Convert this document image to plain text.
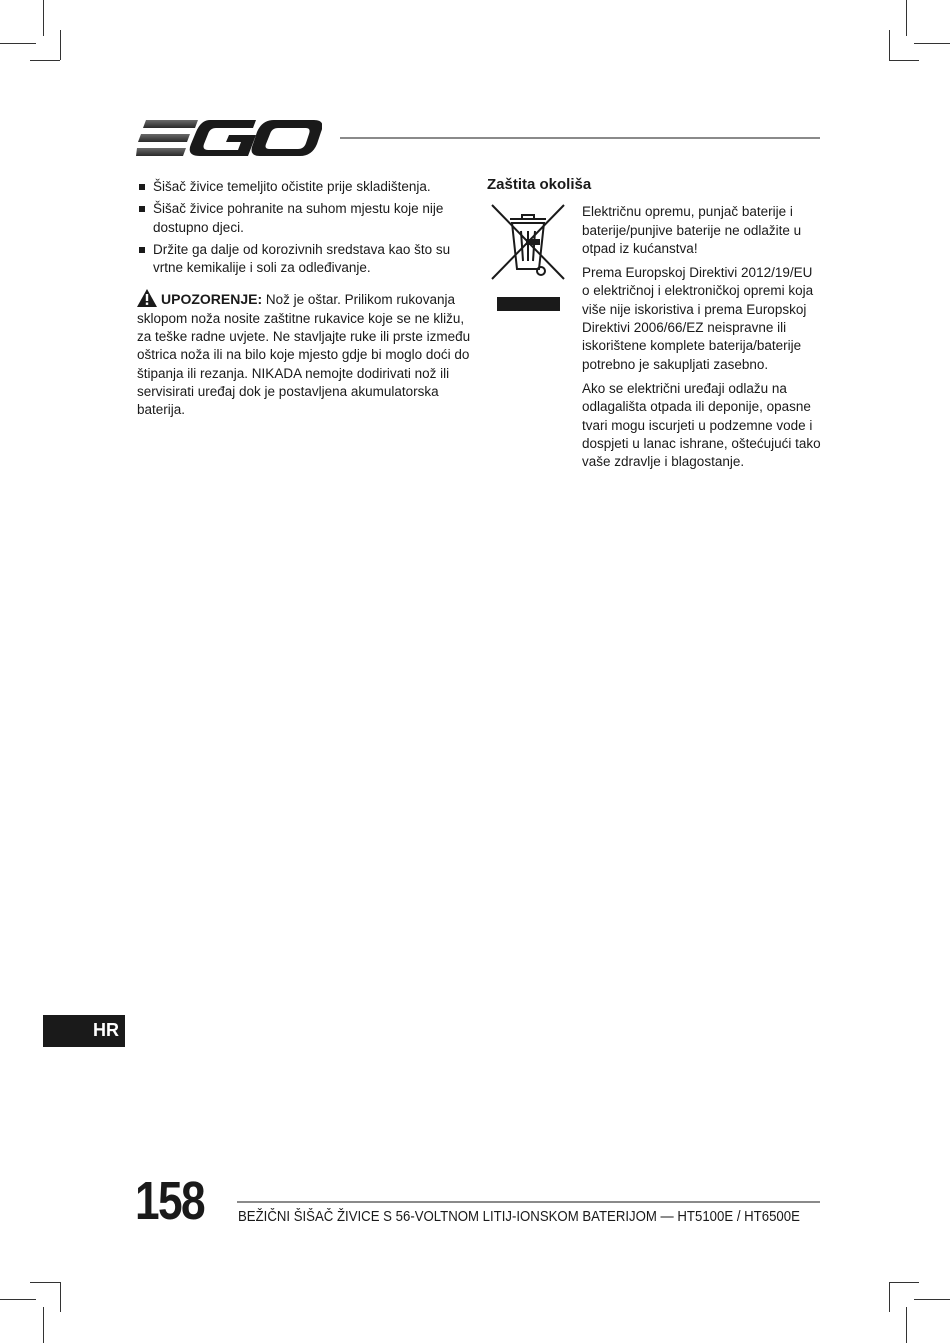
Šišač živice temeljito očistite prije skladištenja.
Šišač živice pohranite na suhom mjestu koje nije dostupno djeci.
Držite ga dalje od korozivnih sredstava kao što su vrtne kemikalije i soli za odleđivanje.
UPOZORENJE: Nož je oštar. Prilikom rukovanja sklopom noža nosite zaštitne rukavice koje se ne kližu, za teške radne uvjete. Ne stavljajte ruke ili prste između oštrica noža ili na bilo koje mjesto gdje bi moglo doći do štipanja ili rezanja. NIKADA nemojte dodirivati nož ili servisirati uređaj dok je postavljena akumulatorska baterija.
Zaštita okoliša

Električnu opremu, punjač baterije i baterije/punjive baterije ne odlažite u otpad iz kućanstva!

Prema Europskoj Direktivi 2012/19/EU o električnoj i elektroničkoj opremi koja više nije iskoristiva i prema Europskoj Direktivi 2006/66/EZ neispravne ili iskorištene komplete baterija/baterije potrebno je sakupljati zasebno.

Ako se električni uređaji odlažu na odlagališta otpada ili deponije, opasne tvari mogu iscurjeti u podzemne vode i dospjeti u lanac ishrane, oštećujući tako vaše zdravlje i blagostanje.

HR
158 BEŽIČNI ŠIŠAČ ŽIVICE S 56-VOLTNOM LITIJ-IONSKOM BATERIJOM — HT5100E / HT6500E
